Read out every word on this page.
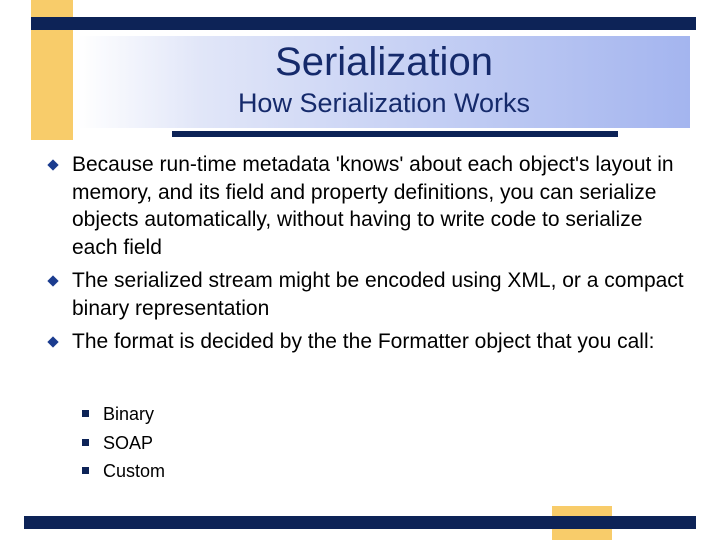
Serialization
How Serialization Works
Because run-time metadata 'knows' about each object's layout in memory, and its field and property definitions, you can serialize objects automatically, without having to write code to serialize each field
The serialized stream might be encoded using XML, or a compact binary representation
The format is decided by the the Formatter object that you call:
Binary
SOAP
Custom
